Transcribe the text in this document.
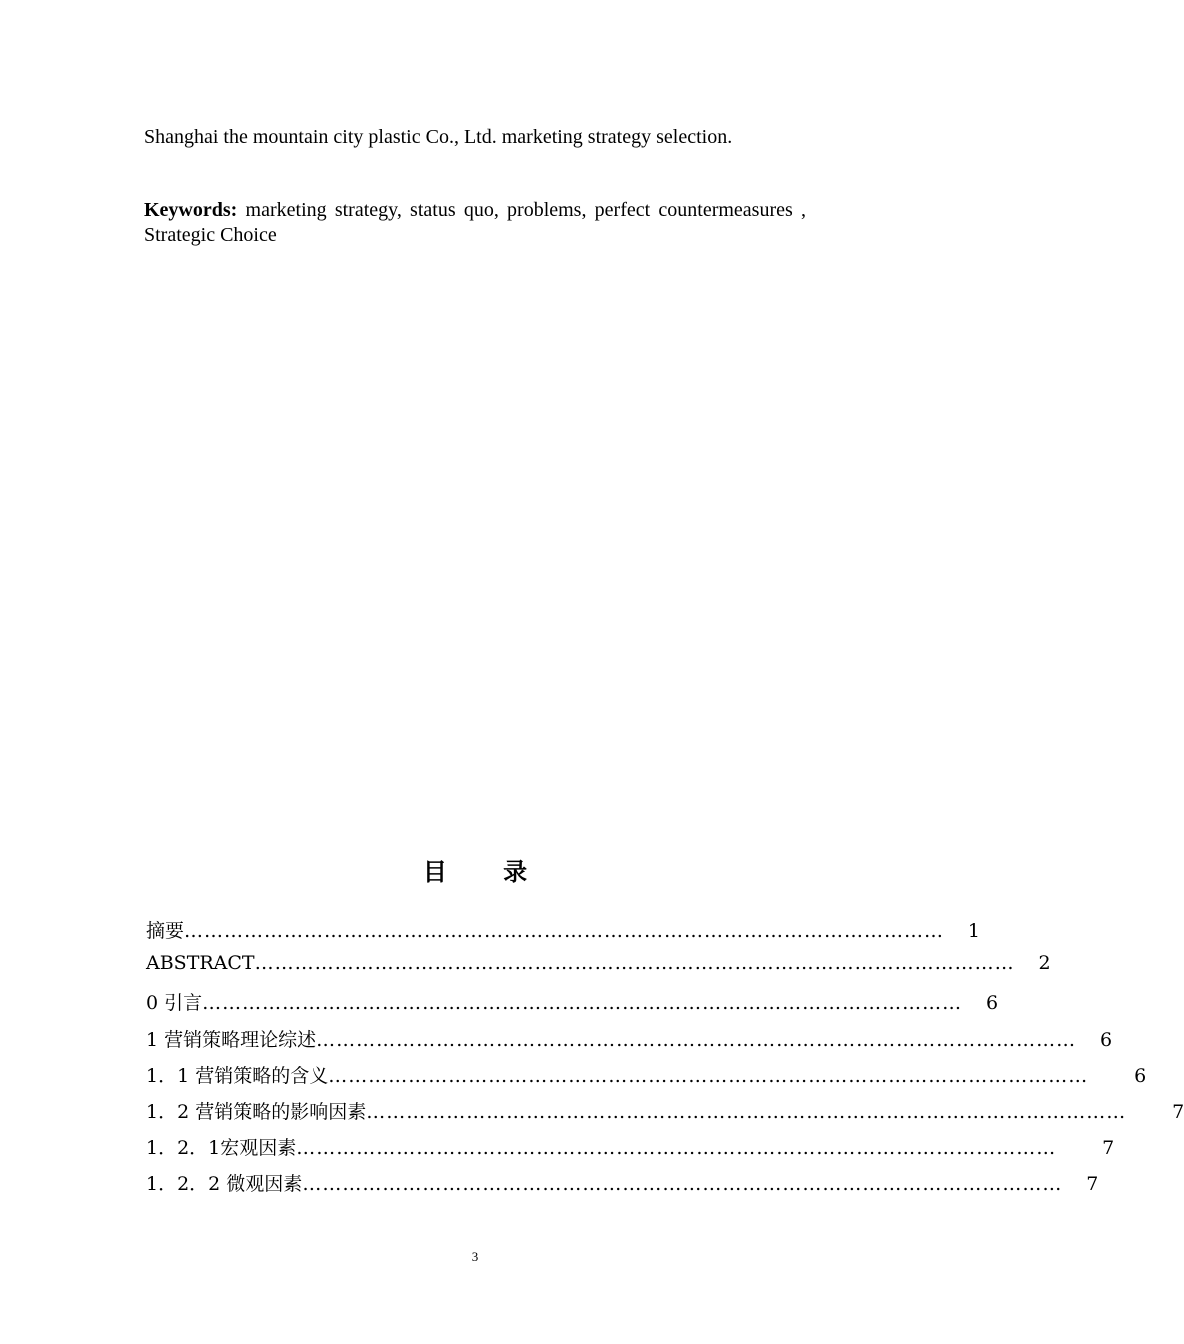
Shanghai the mountain city plastic Co., Ltd. marketing strategy selection.
Keywords: marketing strategy, status quo, problems, perfect countermeasures , Strategic Choice
目 录
摘要 …………………………………………………………………………………………………… 1
ABSTRACT …………………………………………………………………………………………………… 2
0 引言 …………………………………………………………………………………………………… 6
1 营销策略理论综述 …………………………………………………………………………………………………… 6
1．1 营销策略的含义 …………………………………………………………………………………………………… 6
1．2 营销策略的影响因素 …………………………………………………………………………………………………… 7
1．2．1宏观因素 …………………………………………………………………………………………………… 7
1．2．2 微观因素 …………………………………………………………………………………………………… 7
3
